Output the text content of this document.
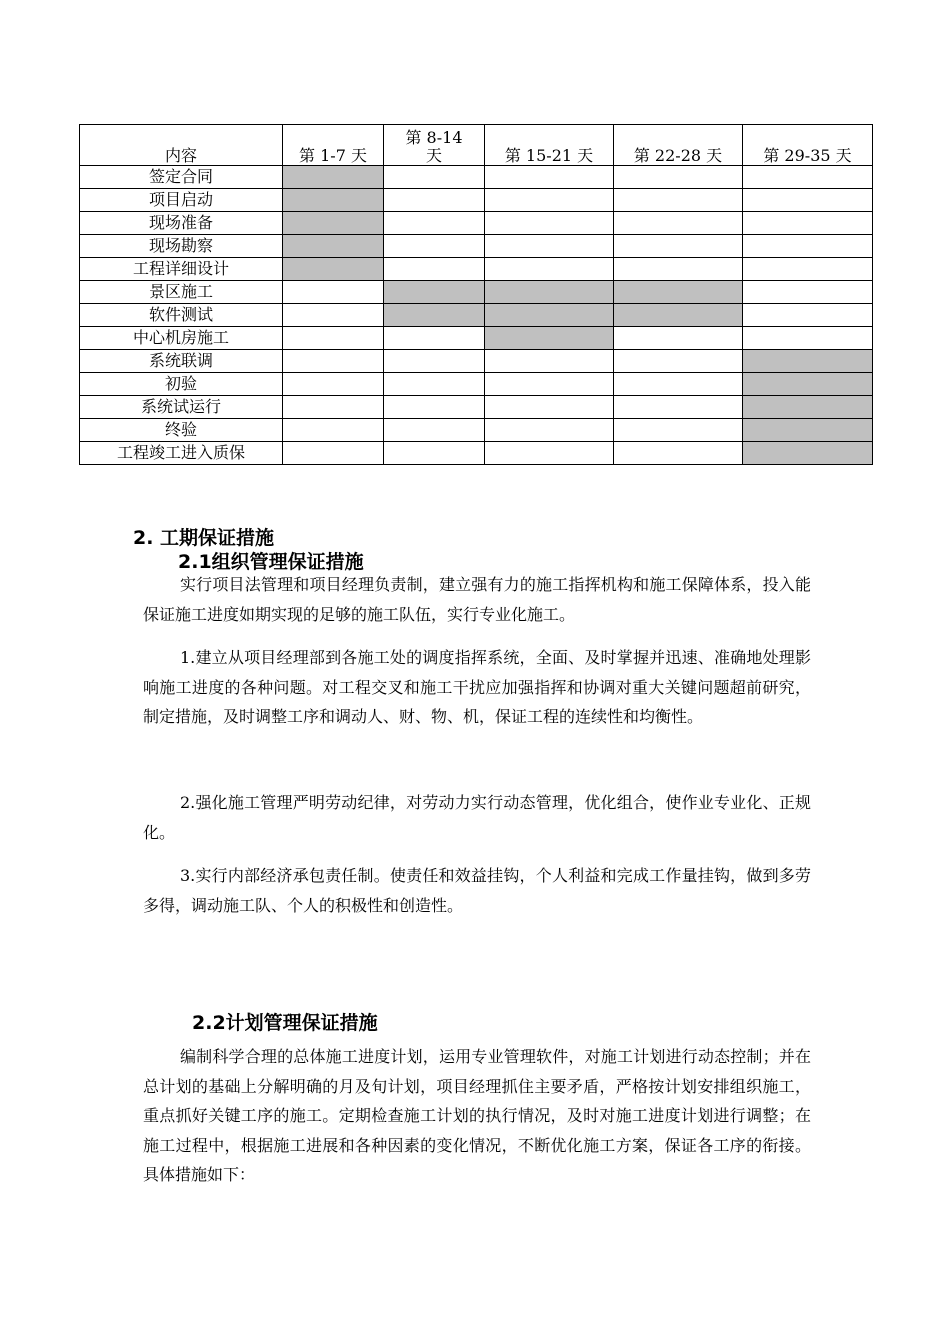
内容	第 1-7 天	第 8-14 天	第 15-21 天	第 22-28 天	第 29-35 天
签定合同					
项目启动					
现场准备					
现场勘察					
工程详细设计					
景区施工					
软件测试					
中心机房施工					
系统联调					
初验					
系统试运行					
终验					
工程竣工进入质保					
2. 工期保证措施
2.1组织管理保证措施

实行项目法管理和项目经理负责制，建立强有力的施工指挥机构和施工保障体系，投入能保证施工进度如期实现的足够的施工队伍，实行专业化施工。

1.建立从项目经理部到各施工处的调度指挥系统，全面、及时掌握并迅速、准确地处理影响施工进度的各种问题。对工程交叉和施工干扰应加强指挥和协调对重大关键问题超前研究，制定措施，及时调整工序和调动人、财、物、机，保证工程的连续性和均衡性。

2.强化施工管理严明劳动纪律，对劳动力实行动态管理，优化组合，使作业专业化、正规化。

3.实行内部经济承包责任制。使责任和效益挂钩，个人利益和完成工作量挂钩，做到多劳多得，调动施工队、个人的积极性和创造性。

2.2计划管理保证措施

编制科学合理的总体施工进度计划，运用专业管理软件，对施工计划进行动态控制；并在总计划的基础上分解明确的月及旬计划，项目经理抓住主要矛盾，严格按计划安排组织施工，重点抓好关键工序的施工。定期检查施工计划的执行情况，及时对施工进度计划进行调整；在施工过程中，根据施工进展和各种因素的变化情况，不断优化施工方案，保证各工序的衔接。具体措施如下：
